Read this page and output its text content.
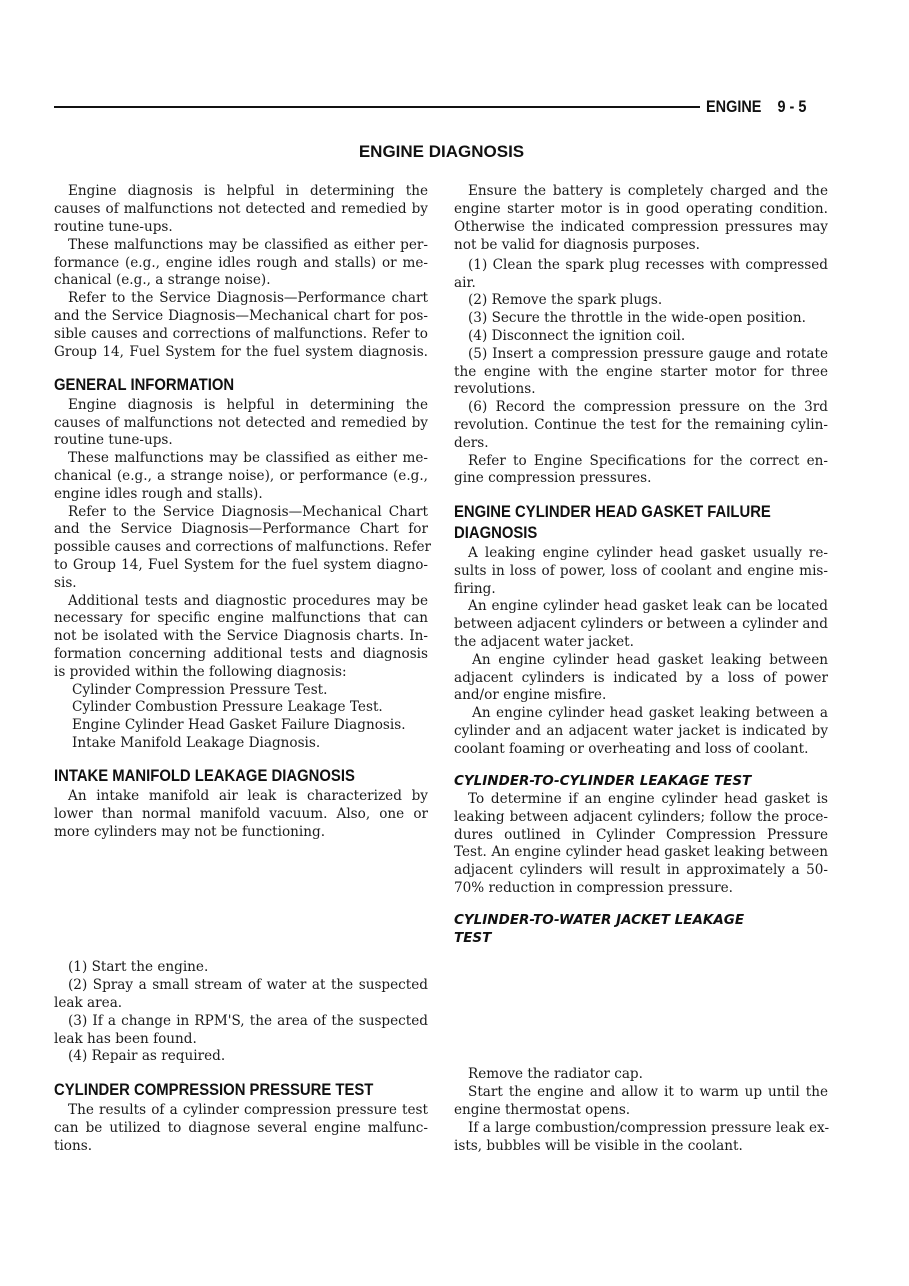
ENGINE 9 - 5
ENGINE DIAGNOSIS
Engine diagnosis is helpful in determining the
causes of malfunctions not detected and remedied by
routine tune-ups.
These malfunctions may be classified as either per-
formance (e.g., engine idles rough and stalls) or me-
chanical (e.g., a strange noise).
Refer to the Service Diagnosis—Performance chart
and the Service Diagnosis—Mechanical chart for pos-
sible causes and corrections of malfunctions. Refer to
Group 14, Fuel System for the fuel system diagnosis.
GENERAL INFORMATION
Engine diagnosis is helpful in determining the
causes of malfunctions not detected and remedied by
routine tune-ups.
These malfunctions may be classified as either me-
chanical (e.g., a strange noise), or performance (e.g.,
engine idles rough and stalls).
Refer to the Service Diagnosis—Mechanical Chart
and the Service Diagnosis—Performance Chart for
possible causes and corrections of malfunctions. Refer
to Group 14, Fuel System for the fuel system diagno-
sis.
Additional tests and diagnostic procedures may be
necessary for specific engine malfunctions that can
not be isolated with the Service Diagnosis charts. In-
formation concerning additional tests and diagnosis
is provided within the following diagnosis:
Cylinder Compression Pressure Test.
Cylinder Combustion Pressure Leakage Test.
Engine Cylinder Head Gasket Failure Diagnosis.
Intake Manifold Leakage Diagnosis.
INTAKE MANIFOLD LEAKAGE DIAGNOSIS
An intake manifold air leak is characterized by
lower than normal manifold vacuum. Also, one or
more cylinders may not be functioning.
(1) Start the engine.
(2) Spray a small stream of water at the suspected
leak area.
(3) If a change in RPM'S, the area of the suspected
leak has been found.
(4) Repair as required.
CYLINDER COMPRESSION PRESSURE TEST
The results of a cylinder compression pressure test
can be utilized to diagnose several engine malfunc-
tions.
Ensure the battery is completely charged and the
engine starter motor is in good operating condition.
Otherwise the indicated compression pressures may
not be valid for diagnosis purposes.
(1) Clean the spark plug recesses with compressed
air.
(2) Remove the spark plugs.
(3) Secure the throttle in the wide-open position.
(4) Disconnect the ignition coil.
(5) Insert a compression pressure gauge and rotate
the engine with the engine starter motor for three
revolutions.
(6) Record the compression pressure on the 3rd
revolution. Continue the test for the remaining cylin-
ders.
Refer to Engine Specifications for the correct en-
gine compression pressures.
ENGINE CYLINDER HEAD GASKET FAILURE
DIAGNOSIS
A leaking engine cylinder head gasket usually re-
sults in loss of power, loss of coolant and engine mis-
firing.
An engine cylinder head gasket leak can be located
between adjacent cylinders or between a cylinder and
the adjacent water jacket.
An engine cylinder head gasket leaking between
adjacent cylinders is indicated by a loss of power
and/or engine misfire.
An engine cylinder head gasket leaking between a
cylinder and an adjacent water jacket is indicated by
coolant foaming or overheating and loss of coolant.
CYLINDER-TO-CYLINDER LEAKAGE TEST
To determine if an engine cylinder head gasket is
leaking between adjacent cylinders; follow the proce-
dures outlined in Cylinder Compression Pressure
Test. An engine cylinder head gasket leaking between
adjacent cylinders will result in approximately a 50-
70% reduction in compression pressure.
CYLINDER-TO-WATER JACKET LEAKAGE
TEST
Remove the radiator cap.
Start the engine and allow it to warm up until the
engine thermostat opens.
If a large combustion/compression pressure leak ex-
ists, bubbles will be visible in the coolant.
